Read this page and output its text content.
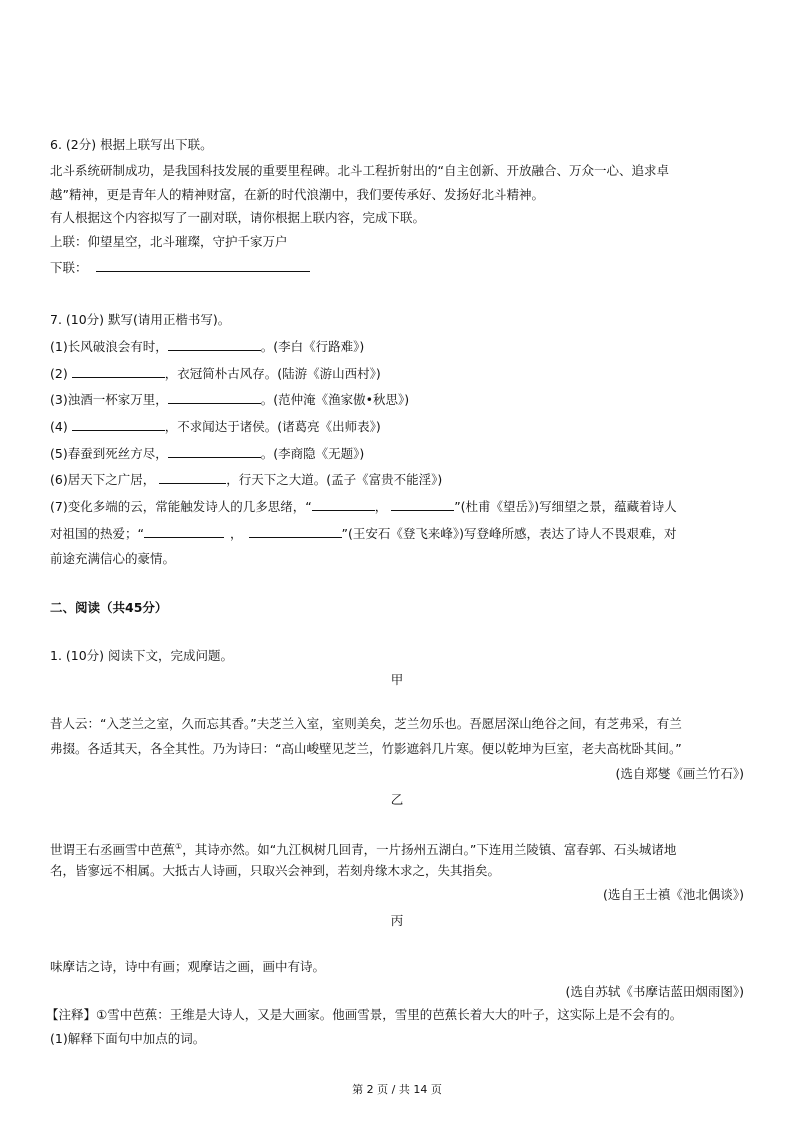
6. (2分) 根据上联写出下联。
北斗系统研制成功，是我国科技发展的重要里程碑。北斗工程折射出的“自主创新、开放融合、万众一心、追求卓
越”精神，更是青年人的精神财富，在新的时代浪潮中，我们要传承好、发扬好北斗精神。
有人根据这个内容拟写了一副对联，请你根据上联内容，完成下联。
上联：仰望星空，北斗璀璨，守护千家万户
下联：
7. (10分) 默写(请用正楷书写)。
(1)长风破浪会有时，	。(李白《行路难》)
(2)	，衣冠简朴古风存。(陆游《游山西村》)
(3)浊酒一杯家万里，	。(范仲淹《渔家傲•秋思》)
(4)	，不求闻达于诸侯。(诸葛亮《出师表》)
(5)春蚕到死丝方尽，	。(李商隐《无题》)
(6)居天下之广居，	，行天下之大道。(孟子《富贵不能淫》)
(7)变化多端的云，常能触发诗人的几多思绪，“	，	”(杜甫《望岳》)写细望之景，蕴藏着诗人
对祖国的热爱；“	，	”(王安石《登飞来峰》)写登峰所感，表达了诗人不畏艰难，对
前途充满信心的豪情。
二、阅读（共45分）
1. (10分) 阅读下文，完成问题。
甲
昔人云：“入芝兰之室，久而忘其香。”夫芝兰入室，室则美矣，芝兰勿乐也。吾愿居深山绝谷之间，有芝弗采，有兰
弗掇。各适其天，各全其性。乃为诗曰：“高山峻壁见芝兰，竹影遮斜几片寒。便以乾坤为巨室，老夫高枕卧其间。”
(选自郑燮《画兰竹石》)
乙
世谓王右丞画雪中芭蕉①，其诗亦然。如“九江枫树几回青，一片扬州五湖白。”下连用兰陵镇、富春郭、石头城诸地
名，皆寥远不相属。大抵古人诗画，只取兴会神到，若刻舟缘木求之，失其指矣。
(选自王士禛《池北偶谈》)
丙
味摩诘之诗，诗中有画；观摩诘之画，画中有诗。
(选自苏轼《书摩诘蓝田烟雨图》)
【注释】①雪中芭蕉：王维是大诗人，又是大画家。他画雪景，雪里的芭蕉长着大大的叶子，这实际上是不会有的。
(1)解释下面句中加点的词。
第 2 页 / 共 14 页
